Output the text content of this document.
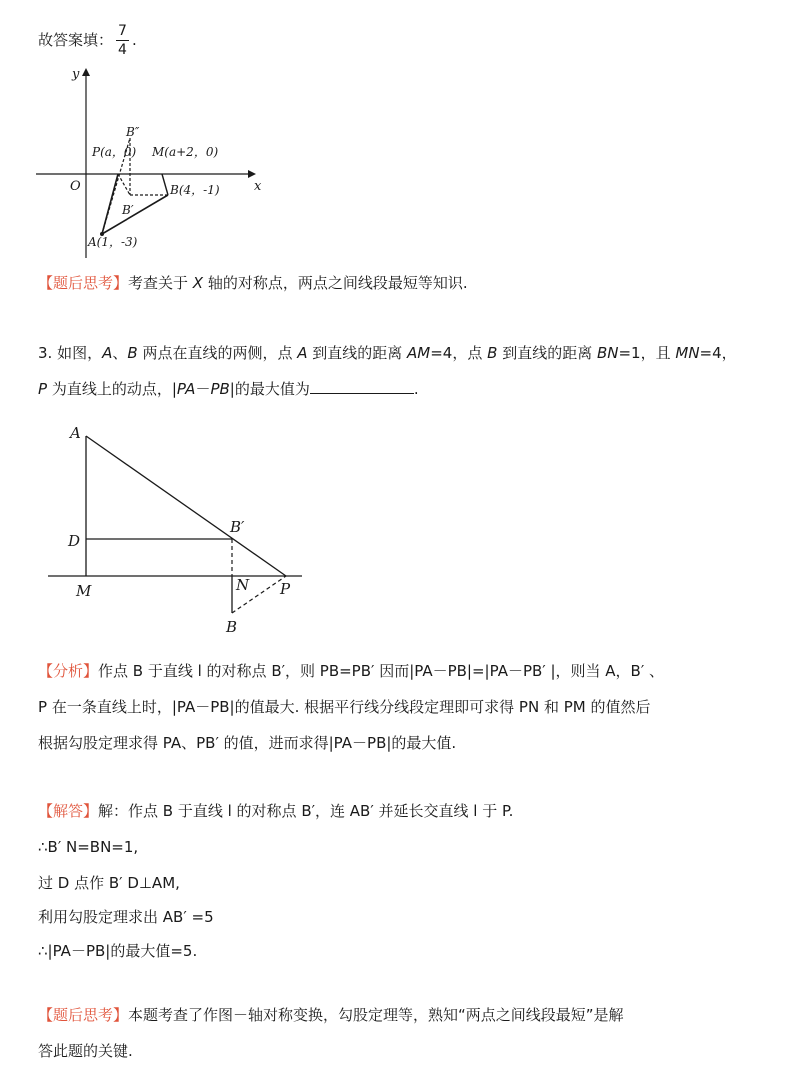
故答案填： $\frac{7}{4}$ .
y
x
O
B″
P(a，0) M(a+2，0)
B(4，-1)
B′
A(1，-3)
【题后思考】考查关于 X 轴的对称点，两点之间线段最短等知识.
3. 如图，A、B 两点在直线的两侧，点 A 到直线的距离 AM=4，点 B 到直线的距离 BN=1，且 MN=4，
P 为直线上的动点，|PA－PB|的最大值为	.
A
B′
D
M	N P
B
【分析】作点 B 于直线 l 的对称点 B′，则 PB=PB′ 因而|PA－PB|=|PA－PB′ |，则当 A，B′ 、
P 在一条直线上时，|PA－PB|的值最大. 根据平行线分线段定理即可求得 PN 和 PM 的值然后
根据勾股定理求得 PA、PB′ 的值，进而求得|PA－PB|的最大值.
【解答】解：作点 B 于直线 l 的对称点 B′，连 AB′ 并延长交直线 l 于 P.
∴B′ N=BN=1,
过 D 点作 B′ D⊥AM,
利用勾股定理求出 AB′ =5
∴|PA－PB|的最大值=5.
【题后思考】本题考查了作图－轴对称变换，勾股定理等，熟知“两点之间线段最短”是解
答此题的关键.
